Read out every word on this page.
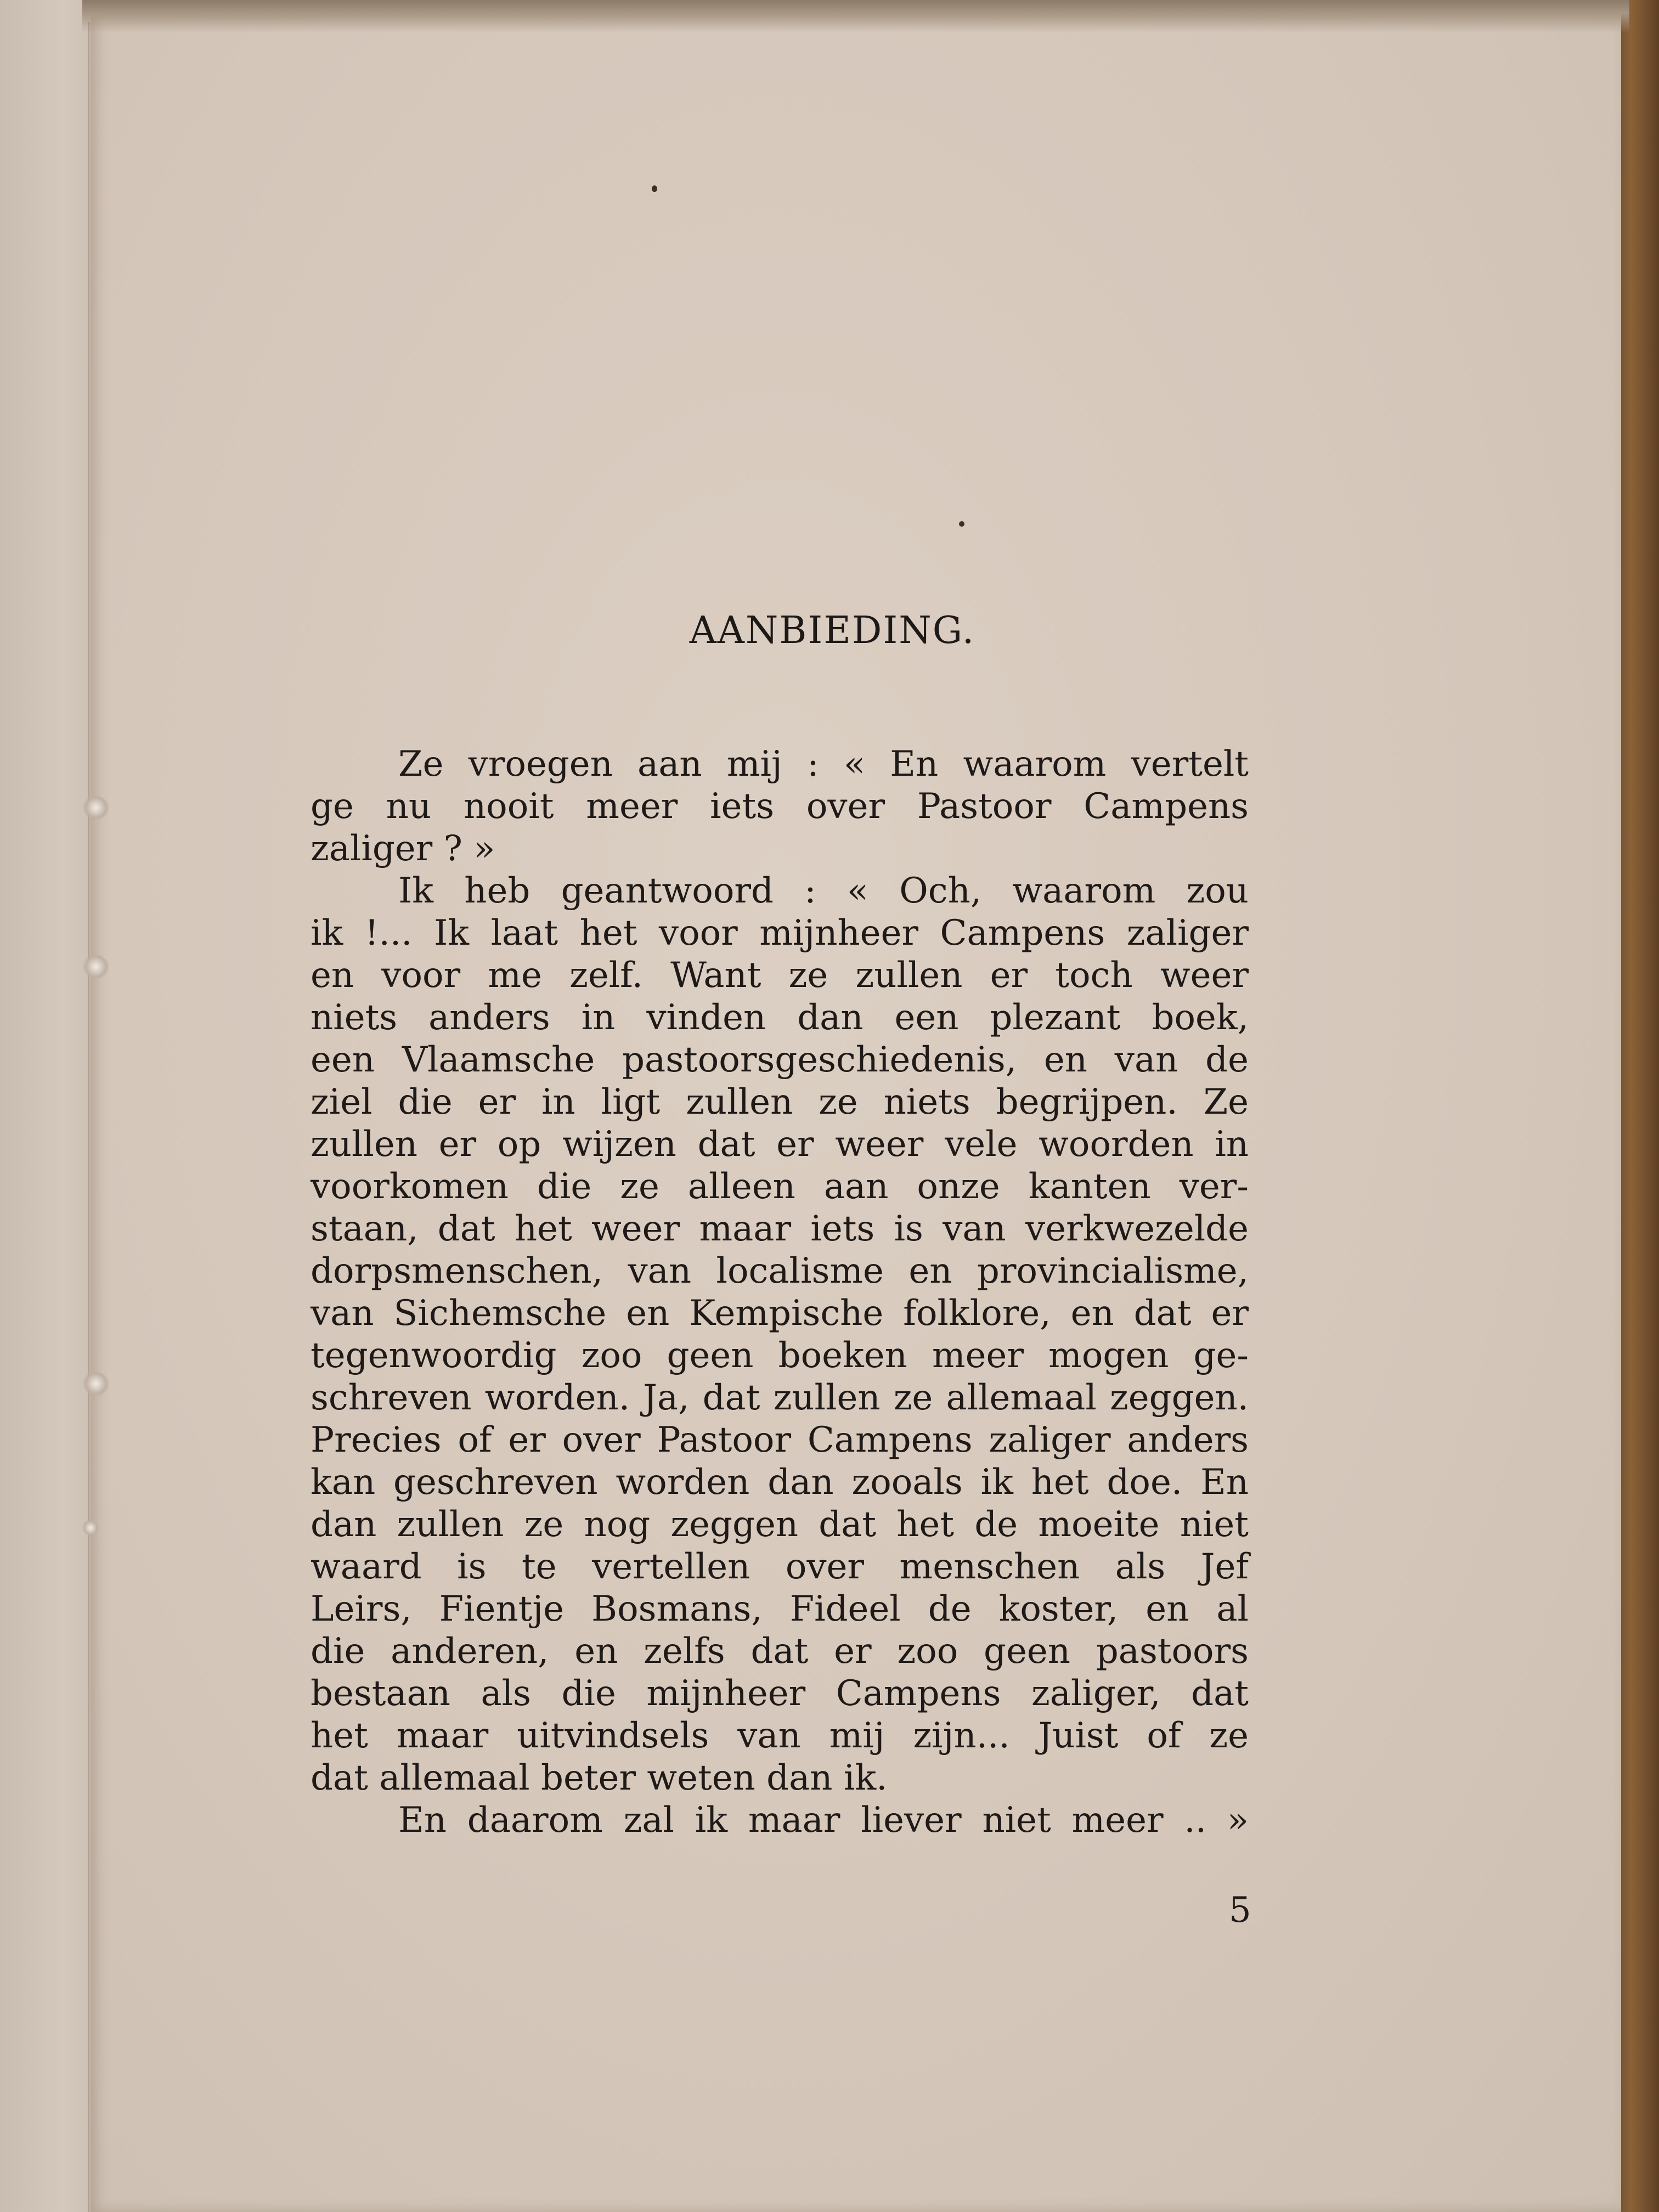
AANBIEDING.
Ze vroegen aan mij : « En waarom vertelt
ge nu nooit meer iets over Pastoor Campens
zaliger ? »
Ik heb geantwoord : « Och, waarom zou
ik !... Ik laat het voor mijnheer Campens zaliger
en voor me zelf. Want ze zullen er toch weer
niets anders in vinden dan een plezant boek,
een Vlaamsche pastoorsgeschiedenis, en van de
ziel die er in ligt zullen ze niets begrijpen. Ze
zullen er op wijzen dat er weer vele woorden in
voorkomen die ze alleen aan onze kanten ver-
staan, dat het weer maar iets is van verkwezelde
dorpsmenschen, van localisme en provincialisme,
van Sichemsche en Kempische folklore, en dat er
tegenwoordig zoo geen boeken meer mogen ge-
schreven worden. Ja, dat zullen ze allemaal zeggen.
Precies of er over Pastoor Campens zaliger anders
kan geschreven worden dan zooals ik het doe. En
dan zullen ze nog zeggen dat het de moeite niet
waard is te vertellen over menschen als Jef
Leirs, Fientje Bosmans, Fideel de koster, en al
die anderen, en zelfs dat er zoo geen pastoors
bestaan als die mijnheer Campens zaliger, dat
het maar uitvindsels van mij zijn... Juist of ze
dat allemaal beter weten dan ik.
En daarom zal ik maar liever niet meer .. »
5
